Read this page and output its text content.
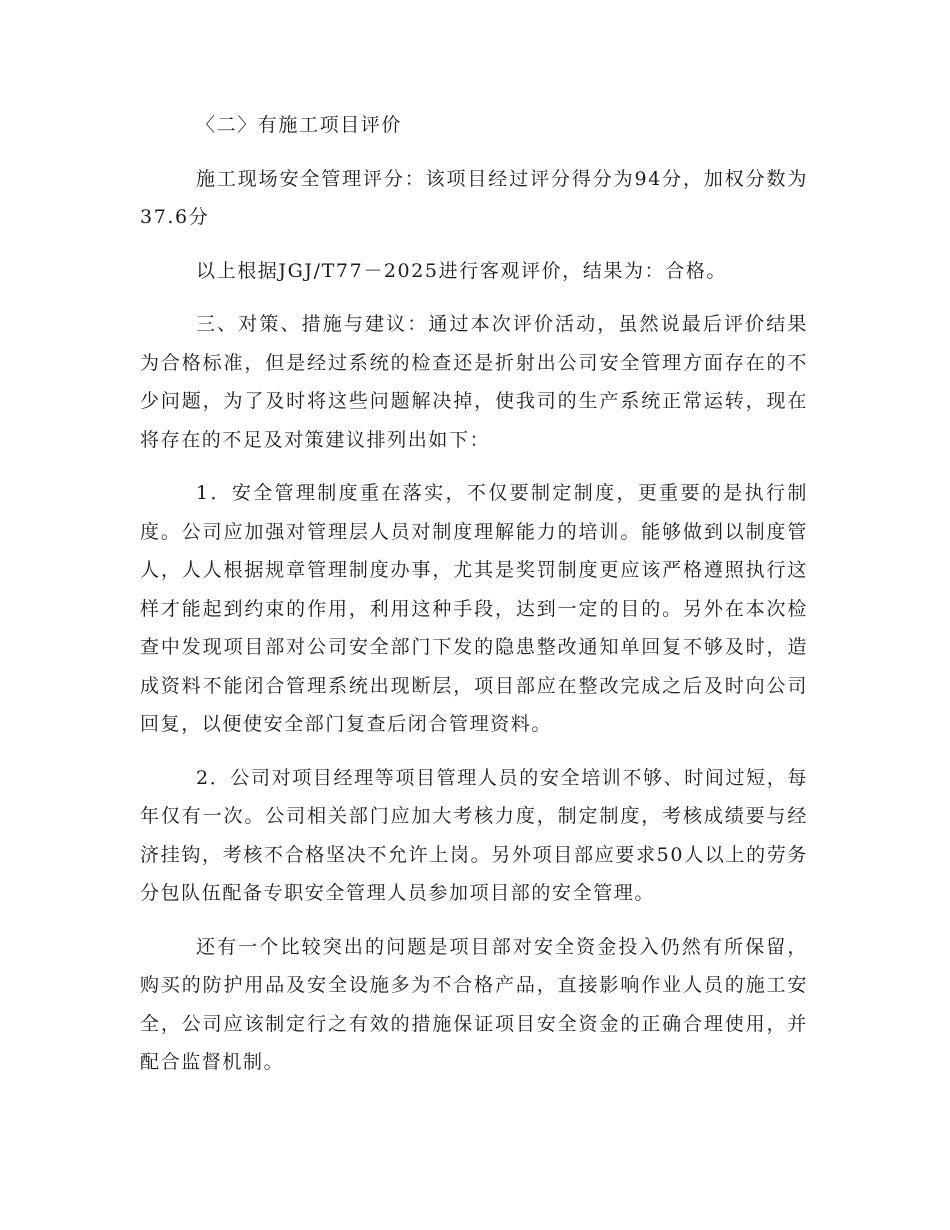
〈二〉有施工项目评价

施工现场安全管理评分：该项目经过评分得分为94分，加权分数为37.6分

以上根据JGJ/T77－2025进行客观评价，结果为：合格。

三、对策、措施与建议：通过本次评价活动，虽然说最后评价结果为合格标准，但是经过系统的检查还是折射出公司安全管理方面存在的不少问题，为了及时将这些问题解决掉，使我司的生产系统正常运转，现在将存在的不足及对策建议排列出如下：

1．安全管理制度重在落实，不仅要制定制度，更重要的是执行制度。公司应加强对管理层人员对制度理解能力的培训。能够做到以制度管人，人人根据规章管理制度办事，尤其是奖罚制度更应该严格遵照执行这样才能起到约束的作用，利用这种手段，达到一定的目的。另外在本次检查中发现项目部对公司安全部门下发的隐患整改通知单回复不够及时，造成资料不能闭合管理系统出现断层，项目部应在整改完成之后及时向公司回复，以便使安全部门复查后闭合管理资料。

2．公司对项目经理等项目管理人员的安全培训不够、时间过短，每年仅有一次。公司相关部门应加大考核力度，制定制度，考核成绩要与经济挂钩，考核不合格坚决不允许上岗。另外项目部应要求50人以上的劳务分包队伍配备专职安全管理人员参加项目部的安全管理。

还有一个比较突出的问题是项目部对安全资金投入仍然有所保留，购买的防护用品及安全设施多为不合格产品，直接影响作业人员的施工安全，公司应该制定行之有效的措施保证项目安全资金的正确合理使用，并配合监督机制。
